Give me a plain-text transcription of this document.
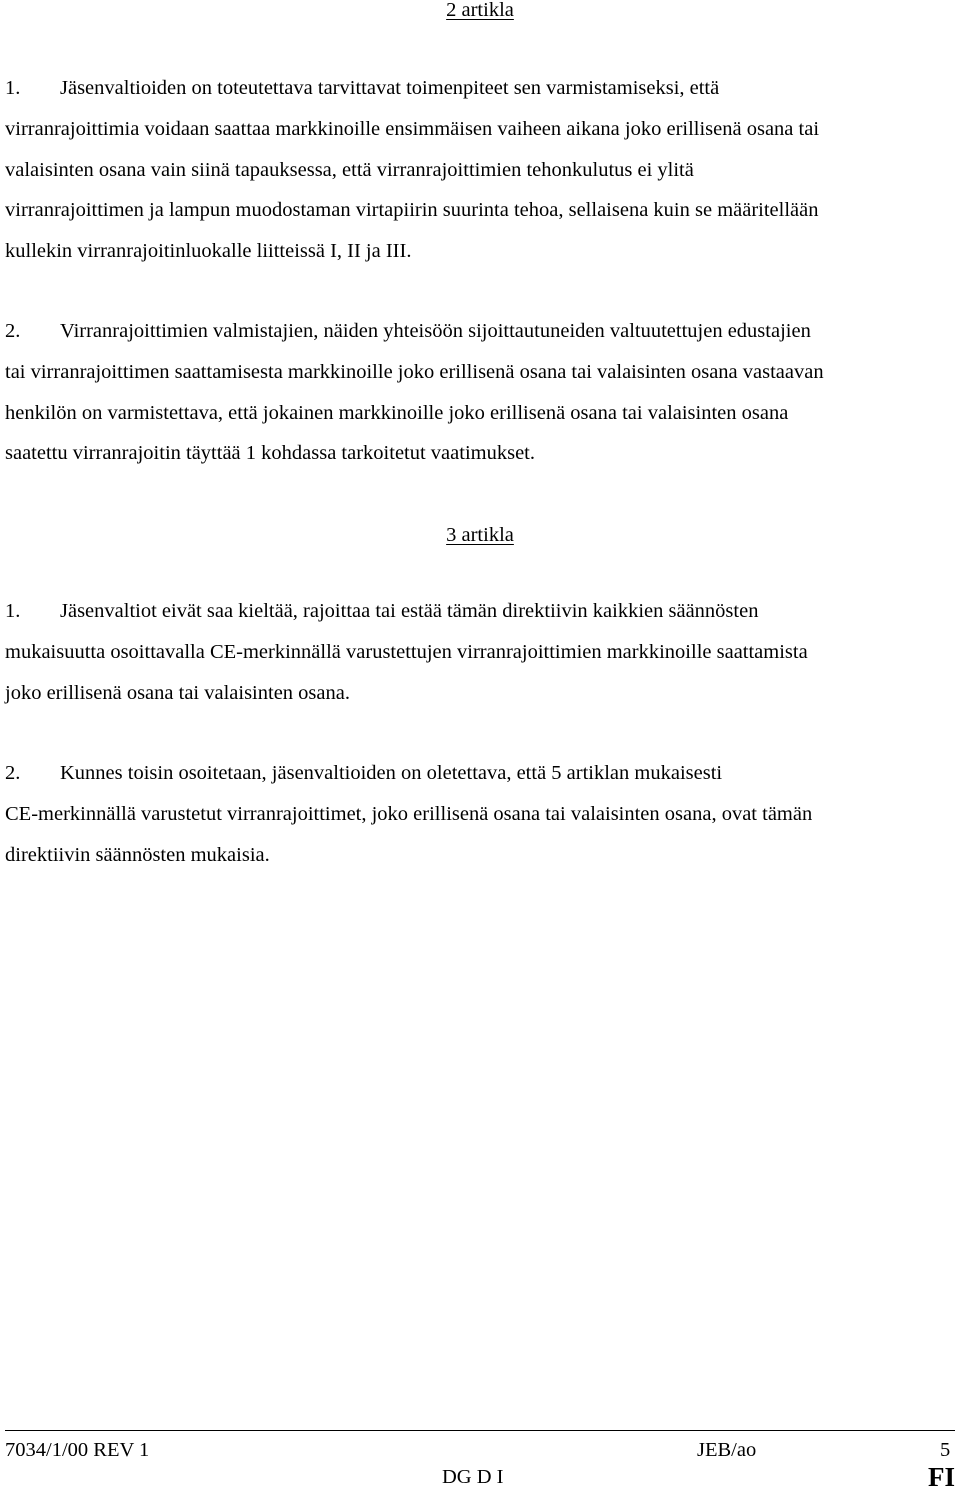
2 artikla
1. Jäsenvaltioiden on toteutettava tarvittavat toimenpiteet sen varmistamiseksi, että
virranrajoittimia voidaan saattaa markkinoille ensimmäisen vaiheen aikana joko erillisenä osana tai
valaisinten osana vain siinä tapauksessa, että virranrajoittimien tehonkulutus ei ylitä
virranrajoittimen ja lampun muodostaman virtapiirin suurinta tehoa, sellaisena kuin se määritellään
kullekin virranrajoitinluokalle liitteissä I, II ja III.
2. Virranrajoittimien valmistajien, näiden yhteisöön sijoittautuneiden valtuutettujen edustajien
tai virranrajoittimen saattamisesta markkinoille joko erillisenä osana tai valaisinten osana vastaavan
henkilön on varmistettava, että jokainen markkinoille joko erillisenä osana tai valaisinten osana
saatettu virranrajoitin täyttää 1 kohdassa tarkoitetut vaatimukset.
3 artikla
1. Jäsenvaltiot eivät saa kieltää, rajoittaa tai estää tämän direktiivin kaikkien säännösten
mukaisuutta osoittavalla CE-merkinnällä varustettujen virranrajoittimien markkinoille saattamista
joko erillisenä osana tai valaisinten osana.
2. Kunnes toisin osoitetaan, jäsenvaltioiden on oletettava, että 5 artiklan mukaisesti
CE-merkinnällä varustetut virranrajoittimet, joko erillisenä osana tai valaisinten osana, ovat tämän
direktiivin säännösten mukaisia.

7034/1/00 REV 1	JEB/ao	5

DG D I	FI
